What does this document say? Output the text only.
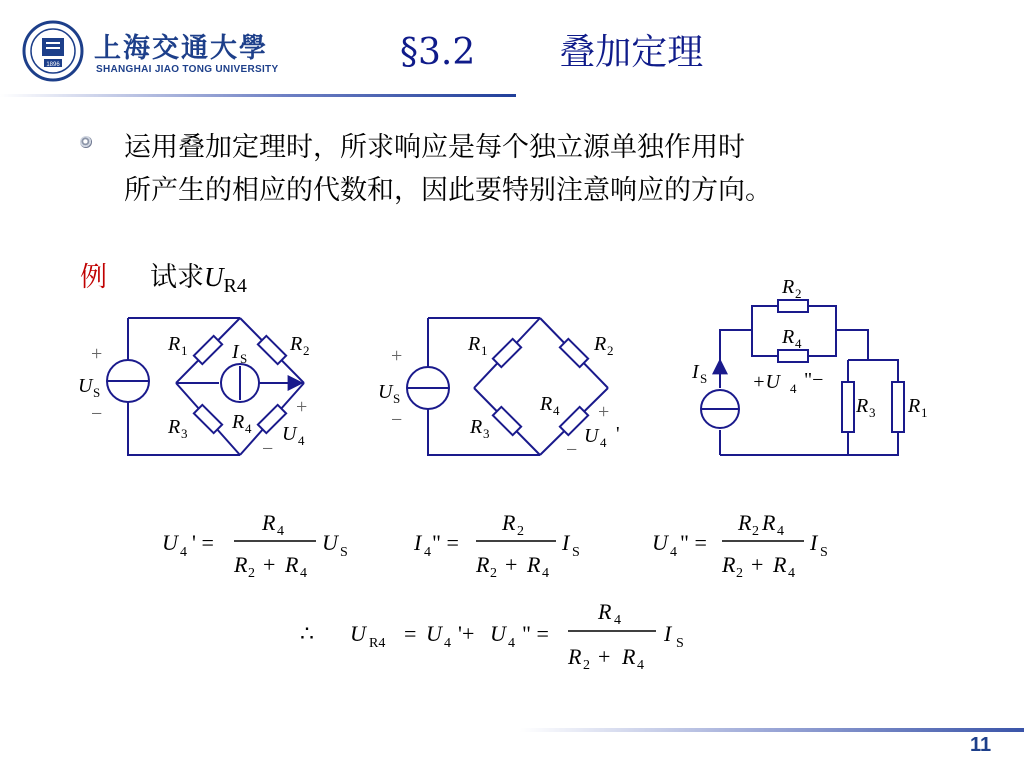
1896
上海交通大學
SHANGHAI JIAO TONG UNIVERSITY	§3.2 叠加定理
运用叠加定理时，所求响应是每个独立源单独作用时
所产生的相应的代数和，因此要特别注意响应的方向。
例 试求$U_{R4}$
R 1	R 2
R 3
R 4
I S
U S
+
−	+
U 4
−
R 1	R 2
R 3
R 4
U S
+
−	+
U 4 '
−
R 2
R 4
R 3 R 1
I S +U 4 "−
U 4 ' =
R 4
R 2 + R 4
U S	I 4 " =
R 2
R 2 + R 4
I S	U 4 " =
R 2 R 4
R 2 + R 4
I S
∴ U R4 = U 4 '+ U 4 " =
R 4
R 2 + R 4
I S
11
